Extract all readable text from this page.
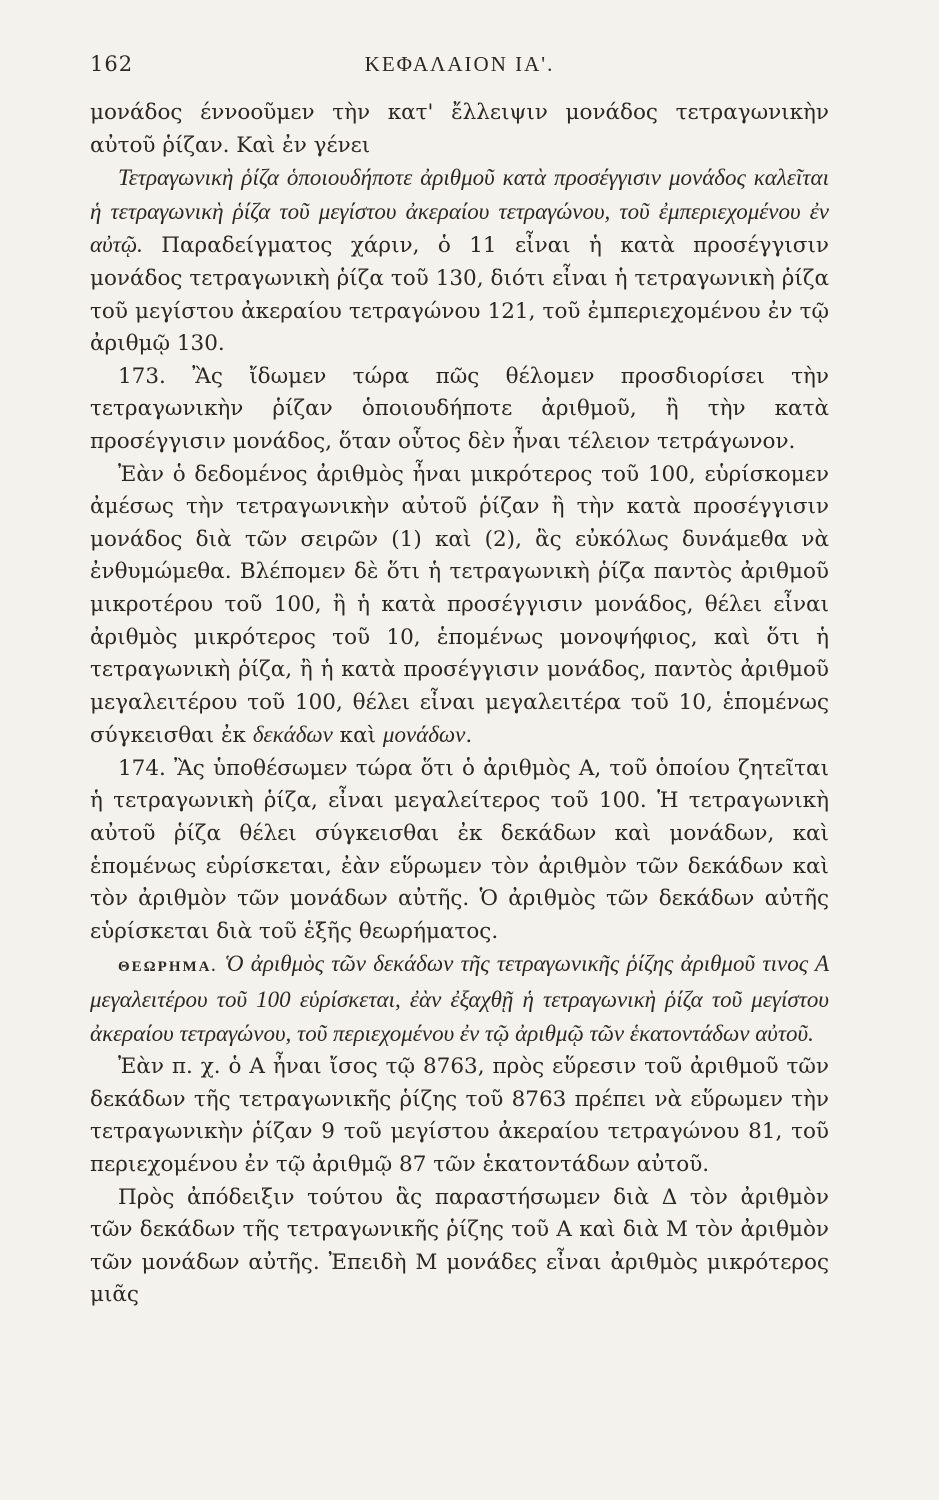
162	ΚΕΦΑΛΑΙΟΝ ΙΑ'.

μονάδος έννοοῦμεν τὴν κατ' ἔλλειψιν μονάδος τετραγωνικὴν αὐτοῦ ῥίζαν. Καὶ ἐν γένει

Τετραγωνικὴ ῥίζα ὁποιουδήποτε ἀριθμοῦ κατὰ προσέγγισιν μονάδος καλεῖται ἡ τετραγωνικὴ ῥίζα τοῦ μεγίστου ἀκεραίου τετραγώνου, τοῦ ἐμπεριεχομένου ἐν αὐτῷ. Παραδείγματος χάριν, ὁ 11 εἶναι ἡ κατὰ προσέγγισιν μονάδος τετραγωνικὴ ῥίζα τοῦ 130, διότι εἶναι ἡ τετραγωνικὴ ῥίζα τοῦ μεγίστου ἀκεραίου τετραγώνου 121, τοῦ ἐμπεριεχομένου ἐν τῷ ἀριθμῷ 130.

173. Ἂς ἴδωμεν τώρα πῶς θέλομεν προσδιορίσει τὴν τετραγωνικὴν ῥίζαν ὁποιουδήποτε ἀριθμοῦ, ἢ τὴν κατὰ προσέγγισιν μονάδος, ὅταν οὗτος δὲν ἦναι τέλειον τετράγωνον.

Ἐὰν ὁ δεδομένος ἀριθμὸς ἦναι μικρότερος τοῦ 100, εὑρίσκομεν ἀμέσως τὴν τετραγωνικὴν αὐτοῦ ῥίζαν ἢ τὴν κατὰ προσέγγισιν μονάδος διὰ τῶν σειρῶν (1) καὶ (2), ἃς εὐκόλως δυνάμεθα νὰ ἐνθυμώμεθα. Βλέπομεν δὲ ὅτι ἡ τετραγωνικὴ ῥίζα παντὸς ἀριθμοῦ μικροτέρου τοῦ 100, ἢ ἡ κατὰ προσέγγισιν μονάδος, θέλει εἶναι ἀριθμὸς μικρότερος τοῦ 10, ἑπομένως μονοψήφιος, καὶ ὅτι ἡ τετραγωνικὴ ῥίζα, ἢ ἡ κατὰ προσέγγισιν μονάδος, παντὸς ἀριθμοῦ μεγαλειτέρου τοῦ 100, θέλει εἶναι μεγαλειτέρα τοῦ 10, ἑπομένως σύγκεισθαι ἐκ δεκάδων καὶ μονάδων.

174. Ἂς ὑποθέσωμεν τώρα ὅτι ὁ ἀριθμὸς Α, τοῦ ὁποίου ζητεῖται ἡ τετραγωνικὴ ῥίζα, εἶναι μεγαλείτερος τοῦ 100. Ἡ τετραγωνικὴ αὐτοῦ ῥίζα θέλει σύγκεισθαι ἐκ δεκάδων καὶ μονάδων, καὶ ἑπομένως εὑρίσκεται, ἐὰν εὕρωμεν τὸν ἀριθμὸν τῶν δεκάδων καὶ τὸν ἀριθμὸν τῶν μονάδων αὐτῆς. Ὁ ἀριθμὸς τῶν δεκάδων αὐτῆς εὑρίσκεται διὰ τοῦ ἑξῆς θεωρήματος.

ΘΕΩΡΗΜΑ. Ὁ ἀριθμὸς τῶν δεκάδων τῆς τετραγωνικῆς ῥίζης ἀριθμοῦ τινος Α μεγαλειτέρου τοῦ 100 εὑρίσκεται, ἐὰν ἐξαχθῇ ἡ τετραγωνικὴ ῥίζα τοῦ μεγίστου ἀκεραίου τετραγώνου, τοῦ περιεχομένου ἐν τῷ ἀριθμῷ τῶν ἑκατοντάδων αὐτοῦ.

Ἐὰν π. χ. ὁ Α ἦναι ἴσος τῷ 8763, πρὸς εὕρεσιν τοῦ ἀριθμοῦ τῶν δεκάδων τῆς τετραγωνικῆς ῥίζης τοῦ 8763 πρέπει νὰ εὕρωμεν τὴν τετραγωνικὴν ῥίζαν 9 τοῦ μεγίστου ἀκεραίου τετραγώνου 81, τοῦ περιεχομένου ἐν τῷ ἀριθμῷ 87 τῶν ἑκατοντάδων αὐτοῦ.

Πρὸς ἀπόδειξιν τούτου ἃς παραστήσωμεν διὰ Δ τὸν ἀριθμὸν τῶν δεκάδων τῆς τετραγωνικῆς ῥίζης τοῦ Α καὶ διὰ Μ τὸν ἀριθμὸν τῶν μονάδων αὐτῆς. Ἐπειδὴ Μ μονάδες εἶναι ἀριθμὸς μικρότερος μιᾶς
